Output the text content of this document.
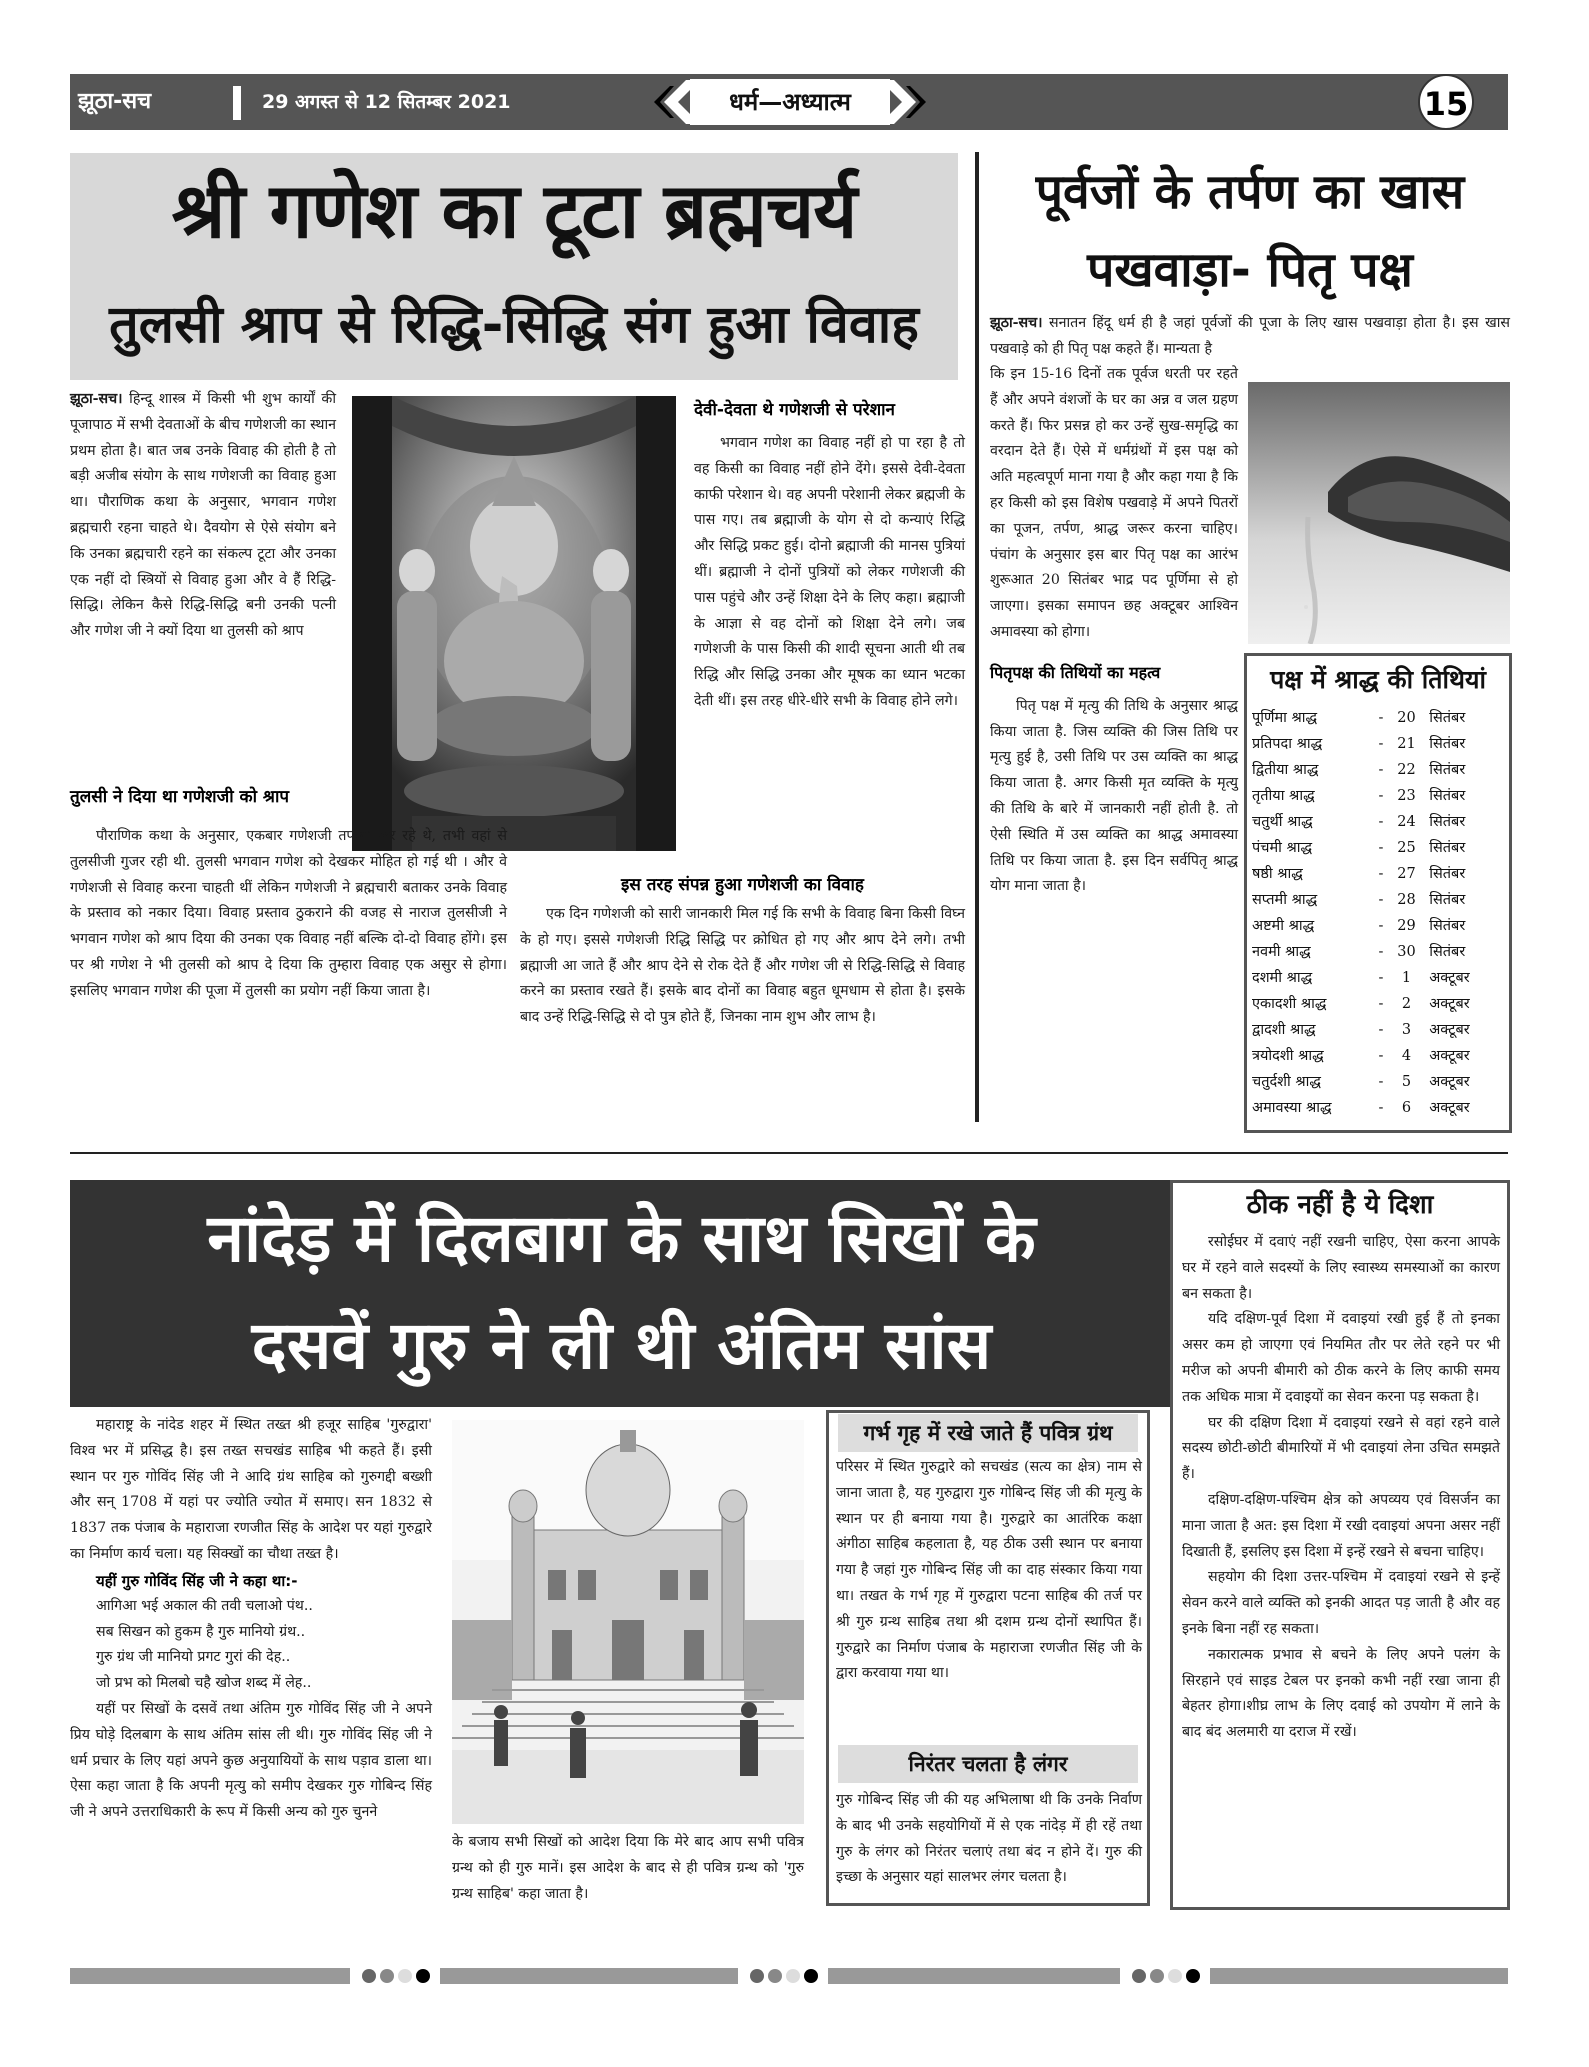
झूठा-सच	29 अगस्त से 12 सितम्बर 2021	धर्म—अध्यात्म	15
श्री गणेश का टूटा ब्रह्मचर्य
तुलसी श्राप से रिद्धि-सिद्धि संग हुआ विवाह

झूठा-सच। हिन्दू शास्त्र में किसी भी शुभ कार्यों की पूजापाठ में सभी देवताओं के बीच गणेशजी का स्थान प्रथम होता है। बात जब उनके विवाह की होती है तो बड़ी अजीब संयोग के साथ गणेशजी का विवाह हुआ था। पौराणिक कथा के अनुसार, भगवान गणेश ब्रह्मचारी रहना चाहते थे। दैवयोग से ऐसे संयोग बने कि उनका ब्रह्मचारी रहने का संकल्प टूटा और उनका एक नहीं दो स्त्रियों से विवाह हुआ और वे हैं रिद्धि-सिद्धि। लेकिन कैसे रिद्धि-सिद्धि बनी उनकी पत्नी और गणेश जी ने क्यों दिया था तुलसी को श्राप

तुलसी ने दिया था गणेशजी को श्राप
देवी-देवता थे गणेशजी से परेशान

भगवान गणेश का विवाह नहीं हो पा रहा है तो वह किसी का विवाह नहीं होने देंगे। इससे देवी-देवता काफी परेशान थे। वह अपनी परेशानी लेकर ब्रह्मजी के पास गए। तब ब्रह्माजी के योग से दो कन्याएं रिद्धि और सिद्धि प्रकट हुई। दोनो ब्रह्माजी की मानस पुत्रियां थीं। ब्रह्माजी ने दोनों पुत्रियों को लेकर गणेशजी की पास पहुंचे और उन्हें शिक्षा देने के लिए कहा। ब्रह्माजी के आज्ञा से वह दोनों को शिक्षा देने लगे। जब गणेशजी के पास किसी की शादी सूचना आती थी तब रिद्धि और सिद्धि उनका और मूषक का ध्यान भटका देती थीं। इस तरह धीरे-धीरे सभी के विवाह होने लगे।

पौराणिक कथा के अनुसार, एकबार गणेशजी तपस्या कर रहे थे, तभी वहां से तुलसीजी गुजर रही थी. तुलसी भगवान गणेश को देखकर मोहित हो गई थी । और वे गणेशजी से विवाह करना चाहती थीं लेकिन गणेशजी ने ब्रह्मचारी बताकर उनके विवाह के प्रस्ताव को नकार दिया। विवाह प्रस्ताव ठुकराने की वजह से नाराज तुलसीजी ने भगवान गणेश को श्राप दिया की उनका एक विवाह नहीं बल्कि दो-दो विवाह होंगे। इस पर श्री गणेश ने भी तुलसी को श्राप दे दिया कि तुम्हारा विवाह एक असुर से होगा। इसलिए भगवान गणेश की पूजा में तुलसी का प्रयोग नहीं किया जाता है।

इस तरह संपन्न हुआ गणेशजी का विवाह

एक दिन गणेशजी को सारी जानकारी मिल गई कि सभी के विवाह बिना किसी विघ्न के हो गए। इससे गणेशजी रिद्धि सिद्धि पर क्रोधित हो गए और श्राप देने लगे। तभी ब्रह्माजी आ जाते हैं और श्राप देने से रोक देते हैं और गणेश जी से रिद्धि-सिद्धि से विवाह करने का प्रस्ताव रखते हैं। इसके बाद दोनों का विवाह बहुत धूमधाम से होता है। इसके बाद उन्हें रिद्धि-सिद्धि से दो पुत्र होते हैं, जिनका नाम शुभ और लाभ है।

पूर्वजों के तर्पण का खास
पखवाड़ा- पितृ पक्ष

झूठा-सच। सनातन हिंदू धर्म ही है जहां पूर्वजों की पूजा के लिए खास पखवाड़ा होता है। इस खास पखवाड़े को ही पितृ पक्ष कहते हैं। मान्यता है

कि इन 15-16 दिनों तक पूर्वज धरती पर रहते हैं और अपने वंशजों के घर का अन्न व जल ग्रहण करते हैं। फिर प्रसन्न हो कर उन्हें सुख-समृद्धि का वरदान देते हैं। ऐसे में धर्मग्रंथों में इस पक्ष को अति महत्वपूर्ण माना गया है और कहा गया है कि हर किसी को इस विशेष पखवाड़े में अपने पितरों का पूजन, तर्पण, श्राद्ध जरूर करना चाहिए। पंचांग के अनुसार इस बार पितृ पक्ष का आरंभ शुरूआत 20 सितंबर भाद्र पद पूर्णिमा से हो जाएगा। इसका समापन छह अक्टूबर आश्विन अमावस्या को होगा।

पितृपक्ष की तिथियों का महत्व

पितृ पक्ष में मृत्यु की तिथि के अनुसार श्राद्ध किया जाता है. जिस व्यक्ति की जिस तिथि पर मृत्यु हुई है, उसी तिथि पर उस व्यक्ति का श्राद्ध किया जाता है. अगर किसी मृत व्यक्ति के मृत्यु की तिथि के बारे में जानकारी नहीं होती है. तो ऐसी स्थिति में उस व्यक्ति का श्राद्ध अमावस्या तिथि पर किया जाता है. इस दिन सर्वपितृ श्राद्ध योग माना जाता है।

पक्ष में श्राद्ध की तिथियां
पूर्णिमा श्राद्ध	- 20 सितंबर
प्रतिपदा श्राद्ध	- 21 सितंबर
द्वितीया श्राद्ध	- 22 सितंबर
तृतीया श्राद्ध	- 23 सितंबर
चतुर्थी श्राद्ध	- 24 सितंबर
पंचमी श्राद्ध	- 25 सितंबर
षष्ठी श्राद्ध	- 27 सितंबर
सप्तमी श्राद्ध	- 28 सितंबर
अष्टमी श्राद्ध	- 29 सितंबर
नवमी श्राद्ध	- 30 सितंबर
दशमी श्राद्ध	-	1	अक्टूबर
एकादशी श्राद्ध	-	2	अक्टूबर
द्वादशी श्राद्ध	-	3	अक्टूबर
त्रयोदशी श्राद्ध	-	4	अक्टूबर
चतुर्दशी श्राद्ध	-	5	अक्टूबर
अमावस्या श्राद्ध	-	6	अक्टूबर
नांदेड़ में दिलबाग के साथ सिखों के
दसवें गुरु ने ली थी अंतिम सांस

महाराष्ट्र के नांदेड शहर में स्थित तख्त श्री हजूर साहिब 'गुरुद्वारा' विश्व भर में प्रसिद्ध है। इस तख्त सचखंड साहिब भी कहते हैं। इसी स्थान पर गुरु गोविंद सिंह जी ने आदि ग्रंथ साहिब को गुरुगद्दी बख्शी और सन् 1708 में यहां पर ज्योति ज्योत में समाए। सन 1832 से 1837 तक पंजाब के महाराजा रणजीत सिंह के आदेश पर यहां गुरुद्वारे का निर्माण कार्य चला। यह सिक्खों का चौथा तख्त है।

यहीं गुरु गोविंद सिंह जी ने कहा था:-
आगिआ भई अकाल की तवी चलाओ पंथ..
सब सिखन को हुकम है गुरु मानियो ग्रंथ..
गुरु ग्रंथ जी मानियो प्रगट गुरां की देह..
जो प्रभ को मिलबो चहै खोज शब्द में लेह..

यहीं पर सिखों के दसवें तथा अंतिम गुरु गोविंद सिंह जी ने अपने प्रिय घोड़े दिलबाग के साथ अंतिम सांस ली थी। गुरु गोविंद सिंह जी ने धर्म प्रचार के लिए यहां अपने कुछ अनुयायियों के साथ पड़ाव डाला था। ऐसा कहा जाता है कि अपनी मृत्यु को समीप देखकर गुरु गोबिन्द सिंह जी ने अपने उत्तराधिकारी के रूप में किसी अन्य को गुरु चुनने

के बजाय सभी सिखों को आदेश दिया कि मेरे बाद आप सभी पवित्र ग्रन्थ को ही गुरु मानें। इस आदेश के बाद से ही पवित्र ग्रन्थ को 'गुरु ग्रन्थ साहिब' कहा जाता है।

गर्भ गृह में रखे जाते हैं पवित्र ग्रंथ

परिसर में स्थित गुरुद्वारे को सचखंड (सत्य का क्षेत्र) नाम से जाना जाता है, यह गुरुद्वारा गुरु गोबिन्द सिंह जी की मृत्यु के स्थान पर ही बनाया गया है। गुरुद्वारे का आतंरिक कक्षा अंगीठा साहिब कहलाता है, यह ठीक उसी स्थान पर बनाया गया है जहां गुरु गोबिन्द सिंह जी का दाह संस्कार किया गया था। तखत के गर्भ गृह में गुरुद्वारा पटना साहिब की तर्ज पर श्री गुरु ग्रन्थ साहिब तथा श्री दशम ग्रन्थ दोनों स्थापित हैं। गुरुद्वारे का निर्माण पंजाब के महाराजा रणजीत सिंह जी के द्वारा करवाया गया था।

निरंतर चलता है लंगर

गुरु गोबिन्द सिंह जी की यह अभिलाषा थी कि उनके निर्वाण के बाद भी उनके सहयोगियों में से एक नांदेड़ में ही रहें तथा गुरु के लंगर को निरंतर चलाएं तथा बंद न होने दें। गुरु की इच्छा के अनुसार यहां सालभर लंगर चलता है।

ठीक नहीं है ये दिशा

रसोईघर में दवाएं नहीं रखनी चाहिए, ऐसा करना आपके घर में रहने वाले सदस्यों के लिए स्वास्थ्य समस्याओं का कारण बन सकता है।

यदि दक्षिण-पूर्व दिशा में दवाइयां रखी हुई हैं तो इनका असर कम हो जाएगा एवं नियमित तौर पर लेते रहने पर भी मरीज को अपनी बीमारी को ठीक करने के लिए काफी समय तक अधिक मात्रा में दवाइयों का सेवन करना पड़ सकता है।

घर की दक्षिण दिशा में दवाइयां रखने से वहां रहने वाले सदस्य छोटी-छोटी बीमारियों में भी दवाइयां लेना उचित समझते हैं।

दक्षिण-दक्षिण-पश्चिम क्षेत्र को अपव्यय एवं विसर्जन का माना जाता है अत: इस दिशा में रखी दवाइयां अपना असर नहीं दिखाती हैं, इसलिए इस दिशा में इन्हें रखने से बचना चाहिए।

सहयोग की दिशा उत्तर-पश्चिम में दवाइयां रखने से इन्हें सेवन करने वाले व्यक्ति को इनकी आदत पड़ जाती है और वह इनके बिना नहीं रह सकता।

नकारात्मक प्रभाव से बचने के लिए अपने पलंग के सिरहाने एवं साइड टेबल पर इनको कभी नहीं रखा जाना ही बेहतर होगा।शीघ्र लाभ के लिए दवाई को उपयोग में लाने के बाद बंद अलमारी या दराज में रखें।
